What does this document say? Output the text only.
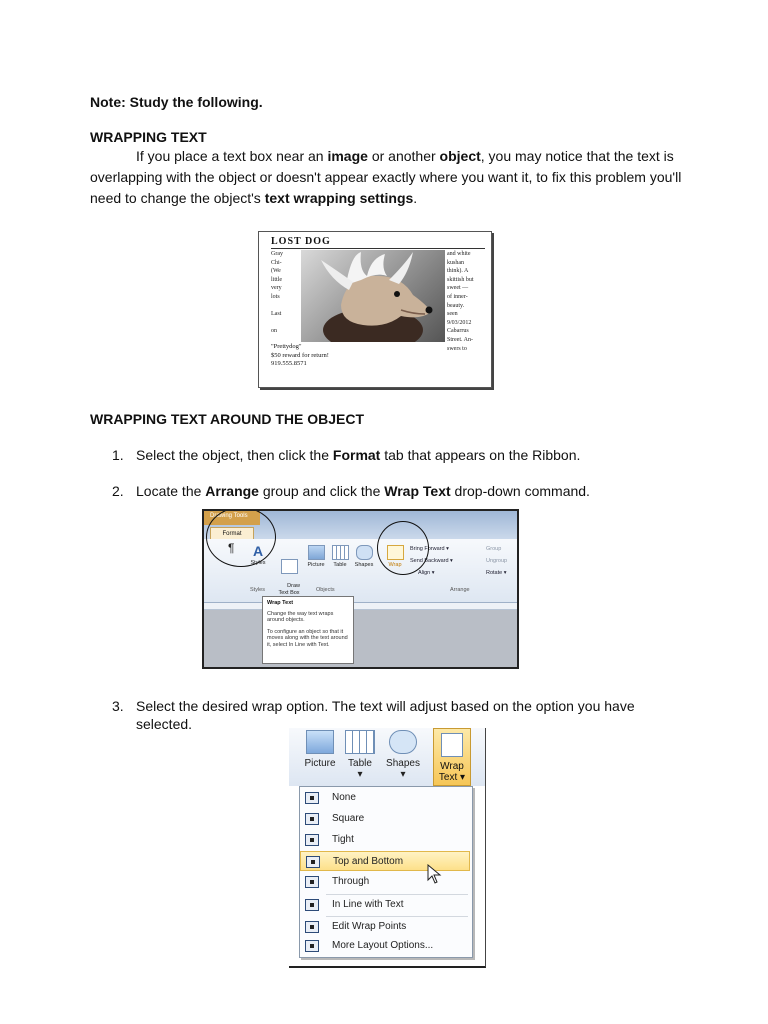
Note: Study the following.
WRAPPING TEXT
If you place a text box near an image or another object, you may notice that the text is overlapping with the object or doesn't appear exactly where you want it, to fix this problem you'll need to change the object's text wrapping settings.
LOST DOG
Gray
Chi-
(We
little
very
lots

Last

on
and white
kushan
think). A
skittish but
sweet —
of inner-
beauty.
seen
9/03/2012
Cabarrus
Street. An-
swers to
"Prettydog"
$50 reward for return!
919.555.8571
WRAPPING TEXT AROUND THE OBJECT
1. Select the object, then click the Format tab that appears on the Ribbon.
2. Locate the Arrange group and click the Wrap Text drop-down command.
Drawing Tools
Format
¶ A
Styles

Draw
Text Box

Picture	Table	Shapes	Wrap
Bring Forward ▾
Send Backward ▾
Align ▾
Group
Ungroup
Rotate ▾
Styles	Objects	Arrange
Wrap Text
Change the way text wraps around objects.
To configure an object so that it moves along with the text around it, select In Line with Text.
3. Select the desired wrap option. The text will adjust based on the option you have
selected.
Picture
	Table
▾
Shapes
▾
Wrap
Text ▾
None
Square
Tight
Top and Bottom
Through
In Line with Text
Edit Wrap Points
More Layout Options...
